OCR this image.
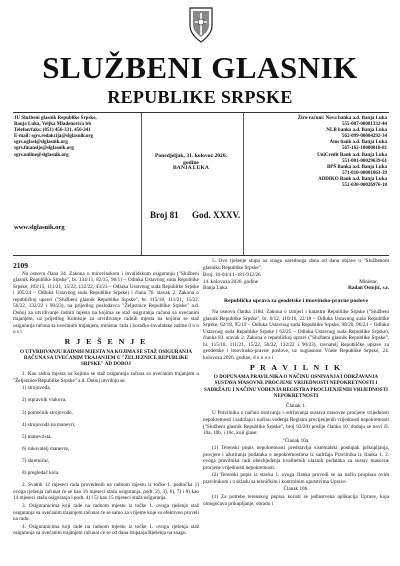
SLUŽBENI GLASNIK
REPUBLIKE SRPSKE
JU Službeni glasnik Republike Srpske,
Banja Luka, Veljka Mlađenovića bb
Telefon/faks: (051) 456-331, 456-341
E-mail: sgrs.redakcija@slglasnik.org
sgrs.oglasi@slglasnik.org
sgrs.finansije@slglasnik.org
sgrs.online@slglasnik.org
www.slglasnik.org
Ponedjeljak, 31. kolovoz 2026. godine
BANJA LUKA
Broj 81 God. XXXV.
Žiro-računi: Nova banka a.d. Banja Luka
555-007-00001332-44
NLB banka a.d. Banja Luka
562-099-00004292-34
Atos bank a.d. Banja Luka
567-162-10000010-81
UniCredit Bank a.d. Banja Luka
551-001-00029639-61
BPŠ Banka a.d. Banja Luka
571-010-00001063-39
ADDIKO Bank a.d. Banja Luka
552-030-00026976-18

2109

Na osnovu člana 34. Zakona o mirovinskom i invalidskom osiguranju ("Službeni glasnik Republike Srpske", br. 134/11, 82/15, 96/1) – Odluka Ustavnog suda Republike Srpske, 103/15, 111/21, 15/22, 132/22, 43/23 – Odluka Ustavnog suda Republike Srpske i 105/24 – Odluka Ustavnog suda Republike Srpske) i člana 76. stavak 2. Zakona o republičkoj upravi ("Službeni glasnik Republike Srpske", br. 115/18, 111/21, 15/22, 56/22, 132/22 i 90/23), na prijedlog poslodavca "Željeznice Republike Srpske" a.d. Doboj za utvrđivanje radnih mjesta na kojima se staž osiguranja računa sa uvećanim trajanjem, uz prijedlog Komisije za utvrđivanje radnih mjesta na kojima se staž osiguranja računa sa uvećanim trajanjem, ministar rada i boračko-invalidske zaštite d o n o s i

R J E Š E N J E

O UTVRĐIVANJU RADNIH MJESTA NA KOJIMA SE STAŽ OSIGURANJA RAČUNA SA UVEĆANIM TRAJANJEM U "ŽELJEZNICE REPUBLIKE SRPSKE" AD DOBOJ

1. Kao radna mjesta na kojima se staž osiguranja računa sa uvećanim trajanjem u "Željeznice Republike Srpske" a.d. Doboj utvrđuju se:

1) strojovođa,
2) otpravnik vlakova,
3) pomoćnik strojovođe,
4) strojovođa na manevri,
5) manevrista,
6) rukovatelj manevre,
7) skretničar,
8) pregledač kola.

2. Svakih 12 mjeseci rada provedenih na radnom mjestu iz točke 1. podtočka 1) ovoga rješenja računat će se kao 16 mjeseci staža osiguranja, podt. 2), 3), 6), 7) i 8) kao 14 mjeseci staža osiguranja i podt. 4) i 5) kao 15 mjeseci staža osiguranja.

3. Osiguranicima koji rade na radnom mjestu iz točke 1. ovoga rješenja staž osiguranja sa uvećanim trajanjem računat će se samo za vrijeme koje su efektivno proveli na radu.

4. Osiguranicima koji rade na radnom mjestu iz točke 1. ovoga rješenja staž osiguranja sa uvećanim trajanjem računat će se od dana stupanja Rješenja na snagu.

5. Ovo rješenje stupa na snagu narednoga dana od dana objave u "Službenom glasniku Republike Srpske".

Broj: 16-04/4.1-181-912/26
14. kolovoza 2026. godine
Banja Luka

Ministar,
Radan Ostojić, s.r.

Republička uprava za geodetske i imovinsko-pravne poslove

Na osnovu članka 118d. Zakona o izmjeri i katastru Republike Srpske ("Službeni glasnik Republike Srpske", br. 6/12, 110/16, 22/18 – Odluka Ustavnog suda Republike Srpske, 62/18, 95/19 – Odluka Ustavnog suda Republike Srpske, 98/20, 96/24 – Odluka Ustavnog suda Republike Srpske i 63/25 – Odluka Ustavnog suda Republike Srpske), članka 83. stavak 2. Zakona o republičkoj upravi ("Službeni glasnik Republike Srpske", br. 115/18, 111/21, 15/22, 56/22, 132/22 i 90/23), ravnatelj Republičke uprave za geodetske i imovinsko-pravne poslove, uz suglasnost Vlade Republike Srpske, 24. kolovoza 2026. godine, d o n o s i

P R A V I L N I K

O DOPUNAMA PRAVILNIKA O NAČINU OSNIVANJA I ODRŽAVANJA SUSTAVA MASOVNE PROCJENE VRIJEDNOSTI NEPOKRETNOSTI I SADRŽAJU I NAČINU VOĐENJA REGISTRA PROCIJENJENIH VRIJEDNOSTI NEPOKRETNOSTI

Članak 1.

U Pravilniku o načinu osnivanja i održavanja sustava masovne procjene vrijednosti nepokretnosti i sadržaju i načinu vođenja Registra procijenjenih vrijednosti nepokretnosti ("Službeni glasnik Republike Srpske", broj 92/20) poslije članka 10. dodaju se novi čl. 10a, 10b, i 10c, koji glase:

"Članak 10a.

(1) Terenski popis nepokretnosti predstavlja sistematski postupak prikupljanja, provjere i ažuriranja podataka o nepokretnostima iz sadržaja Pravilnika iz članka 1. 2. ovoga pravilnika radi obezbjeđenja kvalitetnih ulaznih podataka za sustav masovne procjene vrijednosti nepokretnosti.

(2) Terenski popis iz stavka 1. ovoga članka provodi se na način propisan ovim pravilnikom i u skladu sa tehničkim i kontrolnim uputstvima Uprave.

Članak 10b.

(1) Za potrebe terenskog popisa koristi se jedinstvena aplikacija Uprave, koja omogućava prikupljanje, obradu i
